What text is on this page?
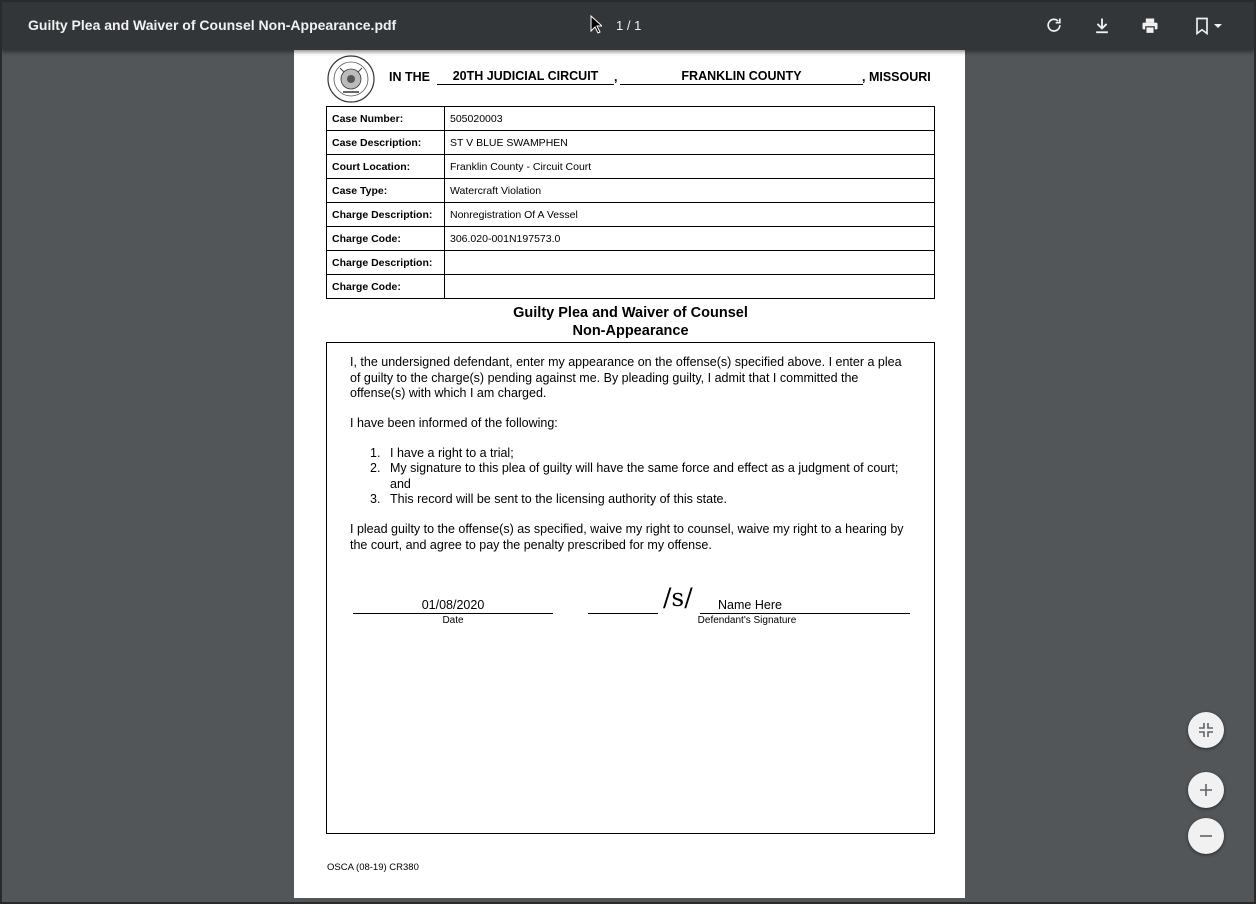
Guilty Plea and Waiver of Counsel Non-Appearance.pdf	1 / 1
IN THE	20TH JUDICIAL CIRCUIT	,	FRANKLIN COUNTY	, MISSOURI
Case Number:	505020003
Case Description:	ST V BLUE SWAMPHEN
Court Location:	Franklin County - Circuit Court
Case Type:	Watercraft Violation
Charge Description:	Nonregistration Of A Vessel
Charge Code:	306.020-001N197573.0
Charge Description:	
Charge Code:	
Guilty Plea and Waiver of Counsel
Non-Appearance
I, the undersigned defendant, enter my appearance on the offense(s) specified above. I enter a plea of guilty to the charge(s) pending against me. By pleading guilty, I admit that I committed the offense(s) with which I am charged.
I have been informed of the following:
1. I have a right to a trial;
2. My signature to this plea of guilty will have the same force and effect as a judgment of court; and
3. This record will be sent to the licensing authority of this state.
I plead guilty to the offense(s) as specified, waive my right to counsel, waive my right to a hearing by the court, and agree to pay the penalty prescribed for my offense.
01/08/2020
Date
/s/	Name Here
Defendant's Signature
OSCA (08-19) CR380
